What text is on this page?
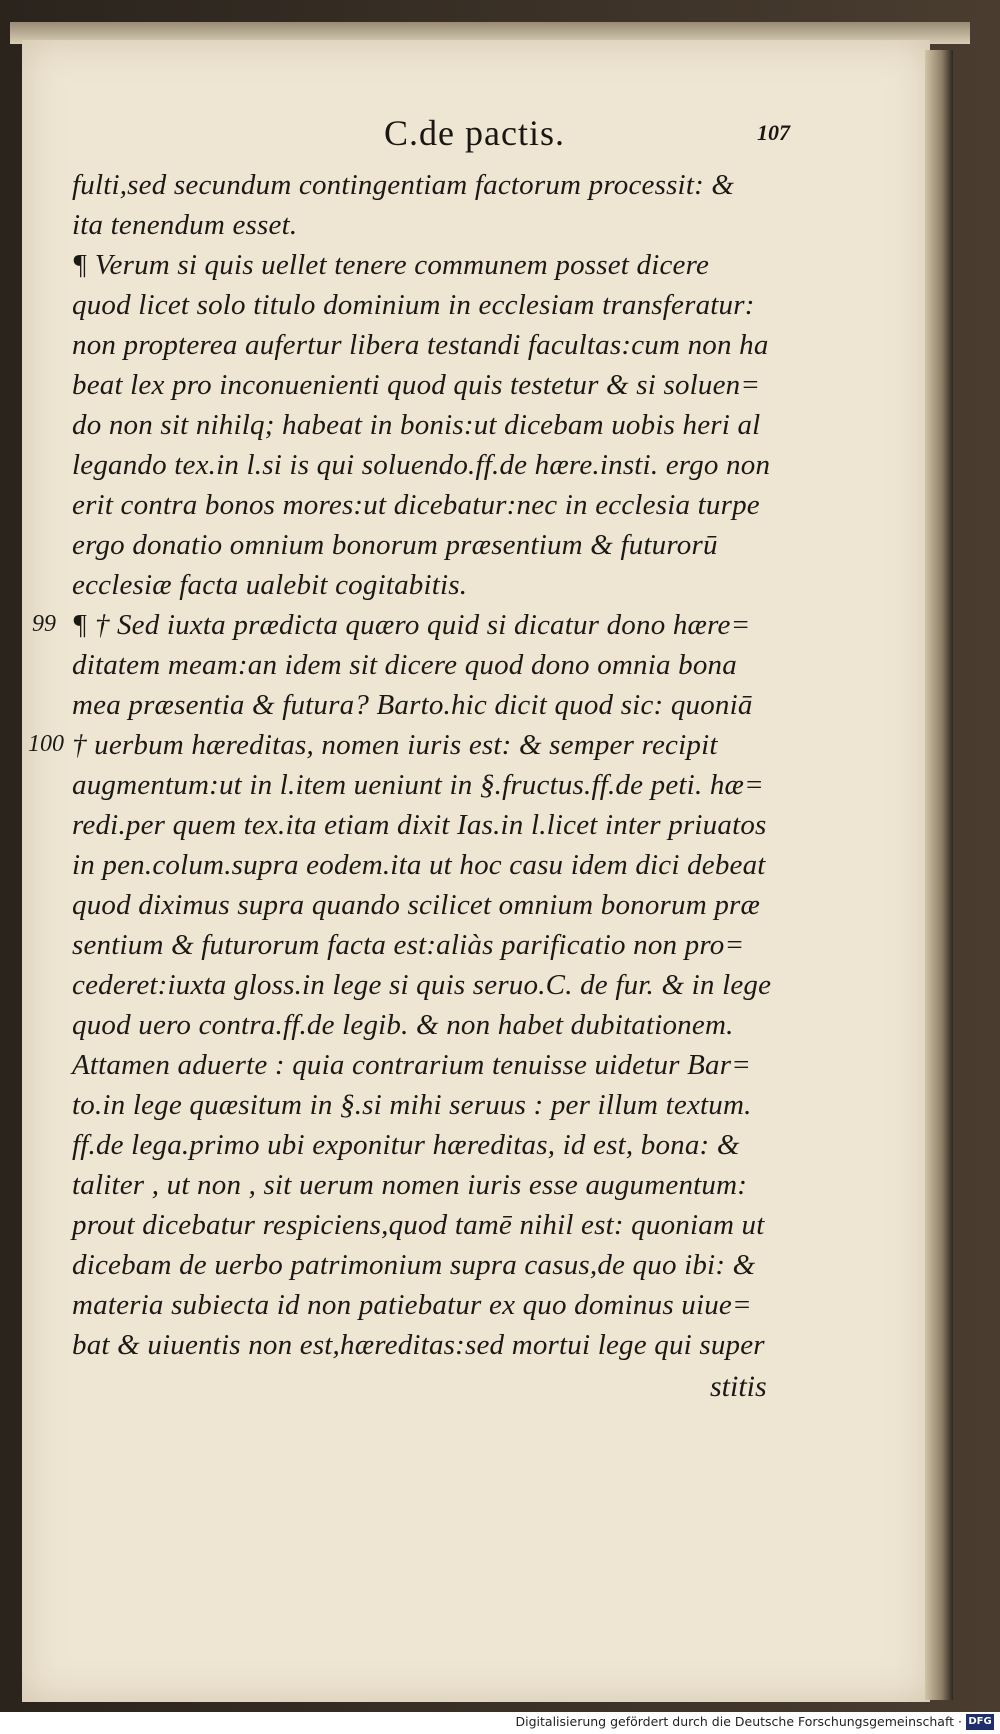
C.de pactis.	107
fulti,sed secundum contingentiam factorum processit: &
ita tenendum esset.
¶ Verum si quis uellet tenere communem posset dicere
quod licet solo titulo dominium in ecclesiam transferatur:
non propterea aufertur libera testandi facultas:cum non ha
beat lex pro inconuenienti quod quis testetur & si soluen=
do non sit nihilq; habeat in bonis:ut dicebam uobis heri al
legando tex.in l.si is qui soluendo.ff.de hære.insti. ergo non
erit contra bonos mores:ut dicebatur:nec in ecclesia turpe
ergo donatio omnium bonorum præsentium & futurorū
ecclesiæ facta ualebit cogitabitis.
99 ¶ † Sed iuxta prædicta quæro quid si dicatur dono hære=
ditatem meam:an idem sit dicere quod dono omnia bona
mea præsentia & futura? Barto.hic dicit quod sic: quoniā
100 † uerbum hæreditas, nomen iuris est: & semper recipit
augmentum:ut in l.item ueniunt in §.fructus.ff.de peti. hæ=
redi.per quem tex.ita etiam dixit Ias.in l.licet inter priuatos
in pen.colum.supra eodem.ita ut hoc casu idem dici debeat
quod diximus supra quando scilicet omnium bonorum præ
sentium & futurorum facta est:aliàs parificatio non pro=
cederet:iuxta gloss.in lege si quis seruo.C. de fur. & in lege
quod uero contra.ff.de legib. & non habet dubitationem.
Attamen aduerte : quia contrarium tenuisse uidetur Bar=
to.in lege quæsitum in §.si mihi seruus : per illum textum.
ff.de lega.primo ubi exponitur hæreditas, id est, bona: &
taliter , ut non , sit uerum nomen iuris esse augumentum:
prout dicebatur respiciens,quod tamē nihil est: quoniam ut
dicebam de uerbo patrimonium supra casus,de quo ibi: &
materia subiecta id non patiebatur ex quo dominus uiue=
bat & uiuentis non est,hæreditas:sed mortui lege qui super
stitis
Digitalisierung gefördert durch die Deutsche Forschungsgemeinschaft · DFG
